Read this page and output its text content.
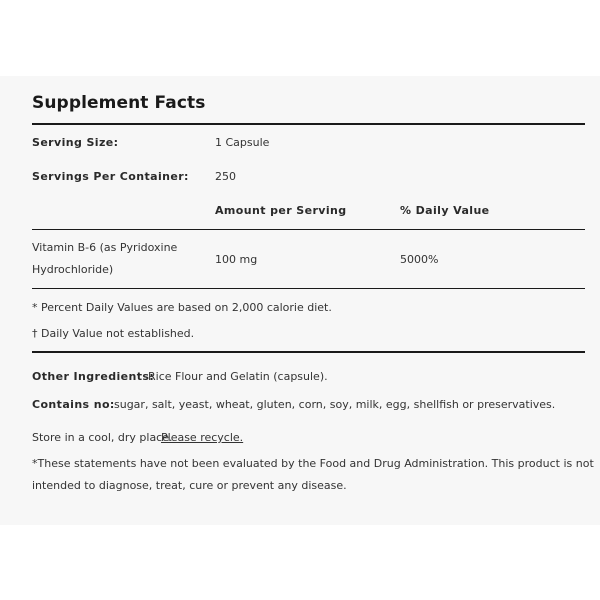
Supplement Facts
Serving Size:	1 Capsule
Servings Per Container: 250
Amount per Serving	% Daily Value
Vitamin B-6 (as Pyridoxine
Hydrochloride)
100 mg	5000%
* Percent Daily Values are based on 2,000 calorie diet.
† Daily Value not established.
Other Ingredients:
Rice Flour and Gelatin (capsule).
Contains no: sugar, salt, yeast, wheat, gluten, corn, soy, milk, egg, shellfish or preservatives.
Store in a cool, dry place.
Please recycle.
*These statements have not been evaluated by the Food and Drug Administration. This product is not
intended to diagnose, treat, cure or prevent any disease.
